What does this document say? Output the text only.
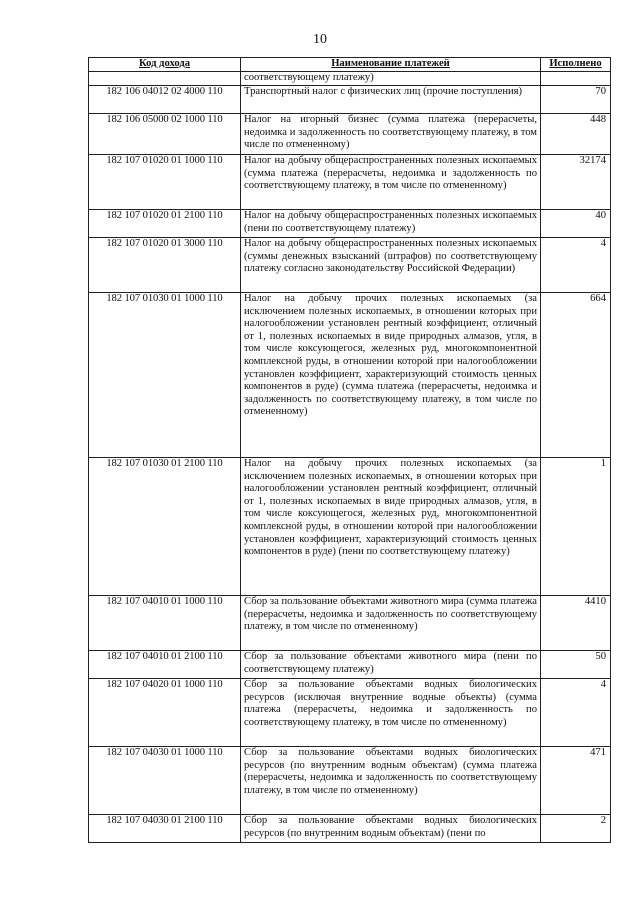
10
Код дохода	Наименование платежей	Исполнено
	соответствующему платежу)	
182 106 04012 02 4000 110	Транспортный налог с физических лиц (прочие поступления)	70
182 106 05000 02 1000 110	Налог на игорный бизнес (сумма платежа (перерасчеты, недоимка и задолженность по соответствующему платежу, в том числе по отмененному)	448
182 107 01020 01 1000 110	Налог на добычу общераспространенных полезных ископаемых (сумма платежа (перерасчеты, недоимка и задолженность по соответствующему платежу, в том числе по отмененному)	32174
182 107 01020 01 2100 110	Налог на добычу общераспространенных полезных ископаемых (пени по соответствующему платежу)	40
182 107 01020 01 3000 110	Налог на добычу общераспространенных полезных ископаемых (суммы денежных взысканий (штрафов) по соответствующему платежу согласно законодательству Российской Федерации)	4
182 107 01030 01 1000 110	Налог на добычу прочих полезных ископаемых (за исключением полезных ископаемых, в отношении которых при налогообложении установлен рентный коэффициент, отличный от 1, полезных ископаемых в виде природных алмазов, угля, в том числе коксующегося, железных руд, многокомпонентной комплексной руды, в отношении которой при налогообложении установлен коэффициент, характеризующий стоимость ценных компонентов в руде) (сумма платежа (перерасчеты, недоимка и задолженность по соответствующему платежу, в том числе по отмененному)	664
182 107 01030 01 2100 110	Налог на добычу прочих полезных ископаемых (за исключением полезных ископаемых, в отношении которых при налогообложении установлен рентный коэффициент, отличный от 1, полезных ископаемых в виде природных алмазов, угля, в том числе коксующегося, железных руд, многокомпонентной комплексной руды, в отношении которой при налогообложении установлен коэффициент, характеризующий стоимость ценных компонентов в руде) (пени по соответствующему платежу)	1
182 107 04010 01 1000 110	Сбор за пользование объектами животного мира (сумма платежа (перерасчеты, недоимка и задолженность по соответствующему платежу, в том числе по отмененному)	4410
182 107 04010 01 2100 110	Сбор за пользование объектами животного мира (пени по соответствующему платежу)	50
182 107 04020 01 1000 110	Сбор за пользование объектами водных биологических ресурсов (исключая внутренние водные объекты) (сумма платежа (перерасчеты, недоимка и задолженность по соответствующему платежу, в том числе по отмененному)	4
182 107 04030 01 1000 110	Сбор за пользование объектами водных биологических ресурсов (по внутренним водным объектам) (сумма платежа (перерасчеты, недоимка и задолженность по соответствующему платежу, в том числе по отмененному)	471
182 107 04030 01 2100 110	Сбор за пользование объектами водных биологических ресурсов (по внутренним водным объектам) (пени по	2
